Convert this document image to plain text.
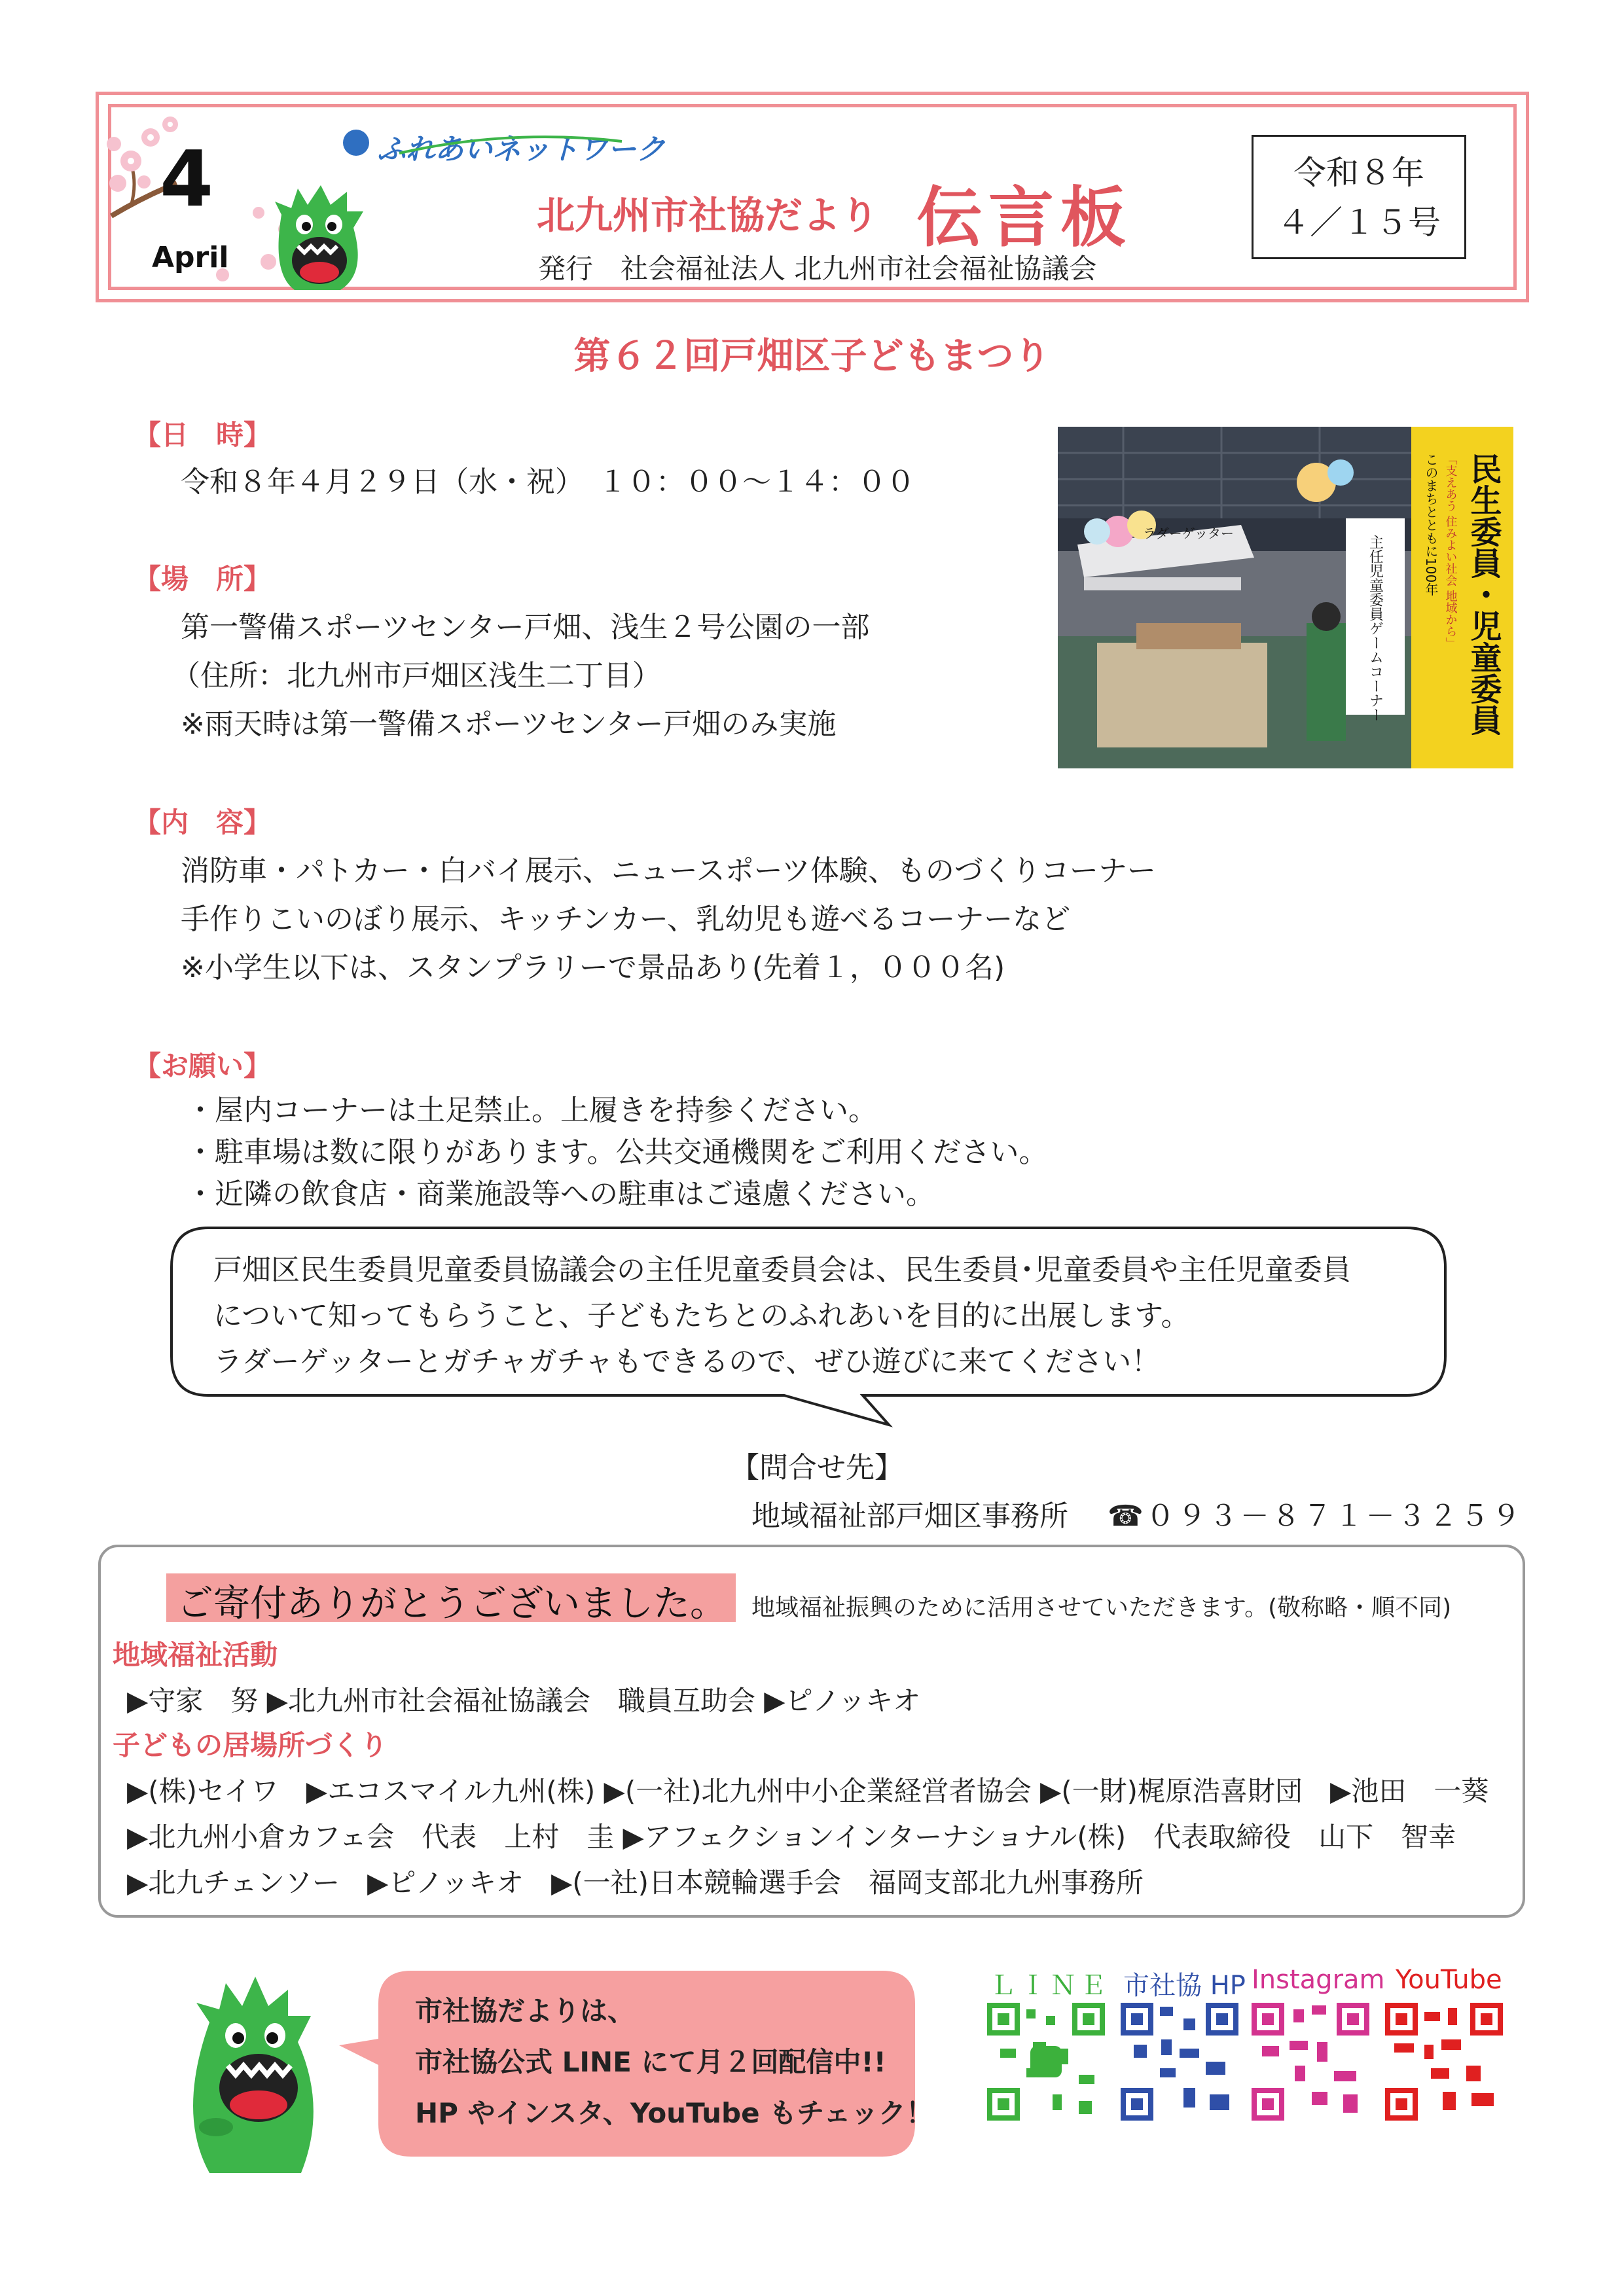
4
April
ふれあいネットワーク
北九州市社協だより 伝言板
発行　社会福祉法人 北九州市社会福祉協議会
令和８年
４／１５号
第６２回戸畑区子どもまつり
【日　時】
令和８年４月２９日（水・祝）　１０：００～１４：００
【場　所】
第一警備スポーツセンター戸畑、浅生２号公園の一部
（住所：北九州市戸畑区浅生二丁目）
※雨天時は第一警備スポーツセンター戸畑のみ実施
主任児童委員ゲームコーナー
ラダーゲッター	このまちとともに100年 「支えあう 住みよい社会 地域から」 民生委員・児童委員
【内　容】
消防車・パトカー・白バイ展示、ニュースポーツ体験、ものづくりコーナー
手作りこいのぼり展示、キッチンカー、乳幼児も遊べるコーナーなど
※小学生以下は、スタンプラリーで景品あり(先着１，０００名)
【お願い】
・屋内コーナーは土足禁止。上履きを持参ください。
・駐車場は数に限りがあります。公共交通機関をご利用ください。
・近隣の飲食店・商業施設等への駐車はご遠慮ください。
戸畑区民生委員児童委員協議会の主任児童委員会は、民生委員･児童委員や主任児童委員
について知ってもらうこと、子どもたちとのふれあいを目的に出展します。
ラダーゲッターとガチャガチャもできるので、ぜひ遊びに来てください！
【問合せ先】
地域福祉部戸畑区事務所 ☎０９３－８７１－３２５９
ご寄付ありがとうございました。 地域福祉振興のために活用させていただきます。(敬称略・順不同)
地域福祉活動
▶守家　努 ▶北九州市社会福祉協議会　職員互助会 ▶ピノッキオ
子どもの居場所づくり
▶(株)セイワ　▶エコスマイル九州(株) ▶(一社)北九州中小企業経営者協会 ▶(一財)梶原浩喜財団　▶池田　一葵
▶北九州小倉カフェ会　代表　上村　圭 ▶アフェクションインターナショナル(株)　代表取締役　山下　智幸
▶北九チェンソー　▶ピノッキオ　▶(一社)日本競輪選手会　福岡支部北九州事務所
市社協だよりは、
市社協公式 LINE にて月２回配信中!!
HP やインスタ、YouTube もチェック！
ＬＩＮＥ 市社協 HP Instagram YouTube
